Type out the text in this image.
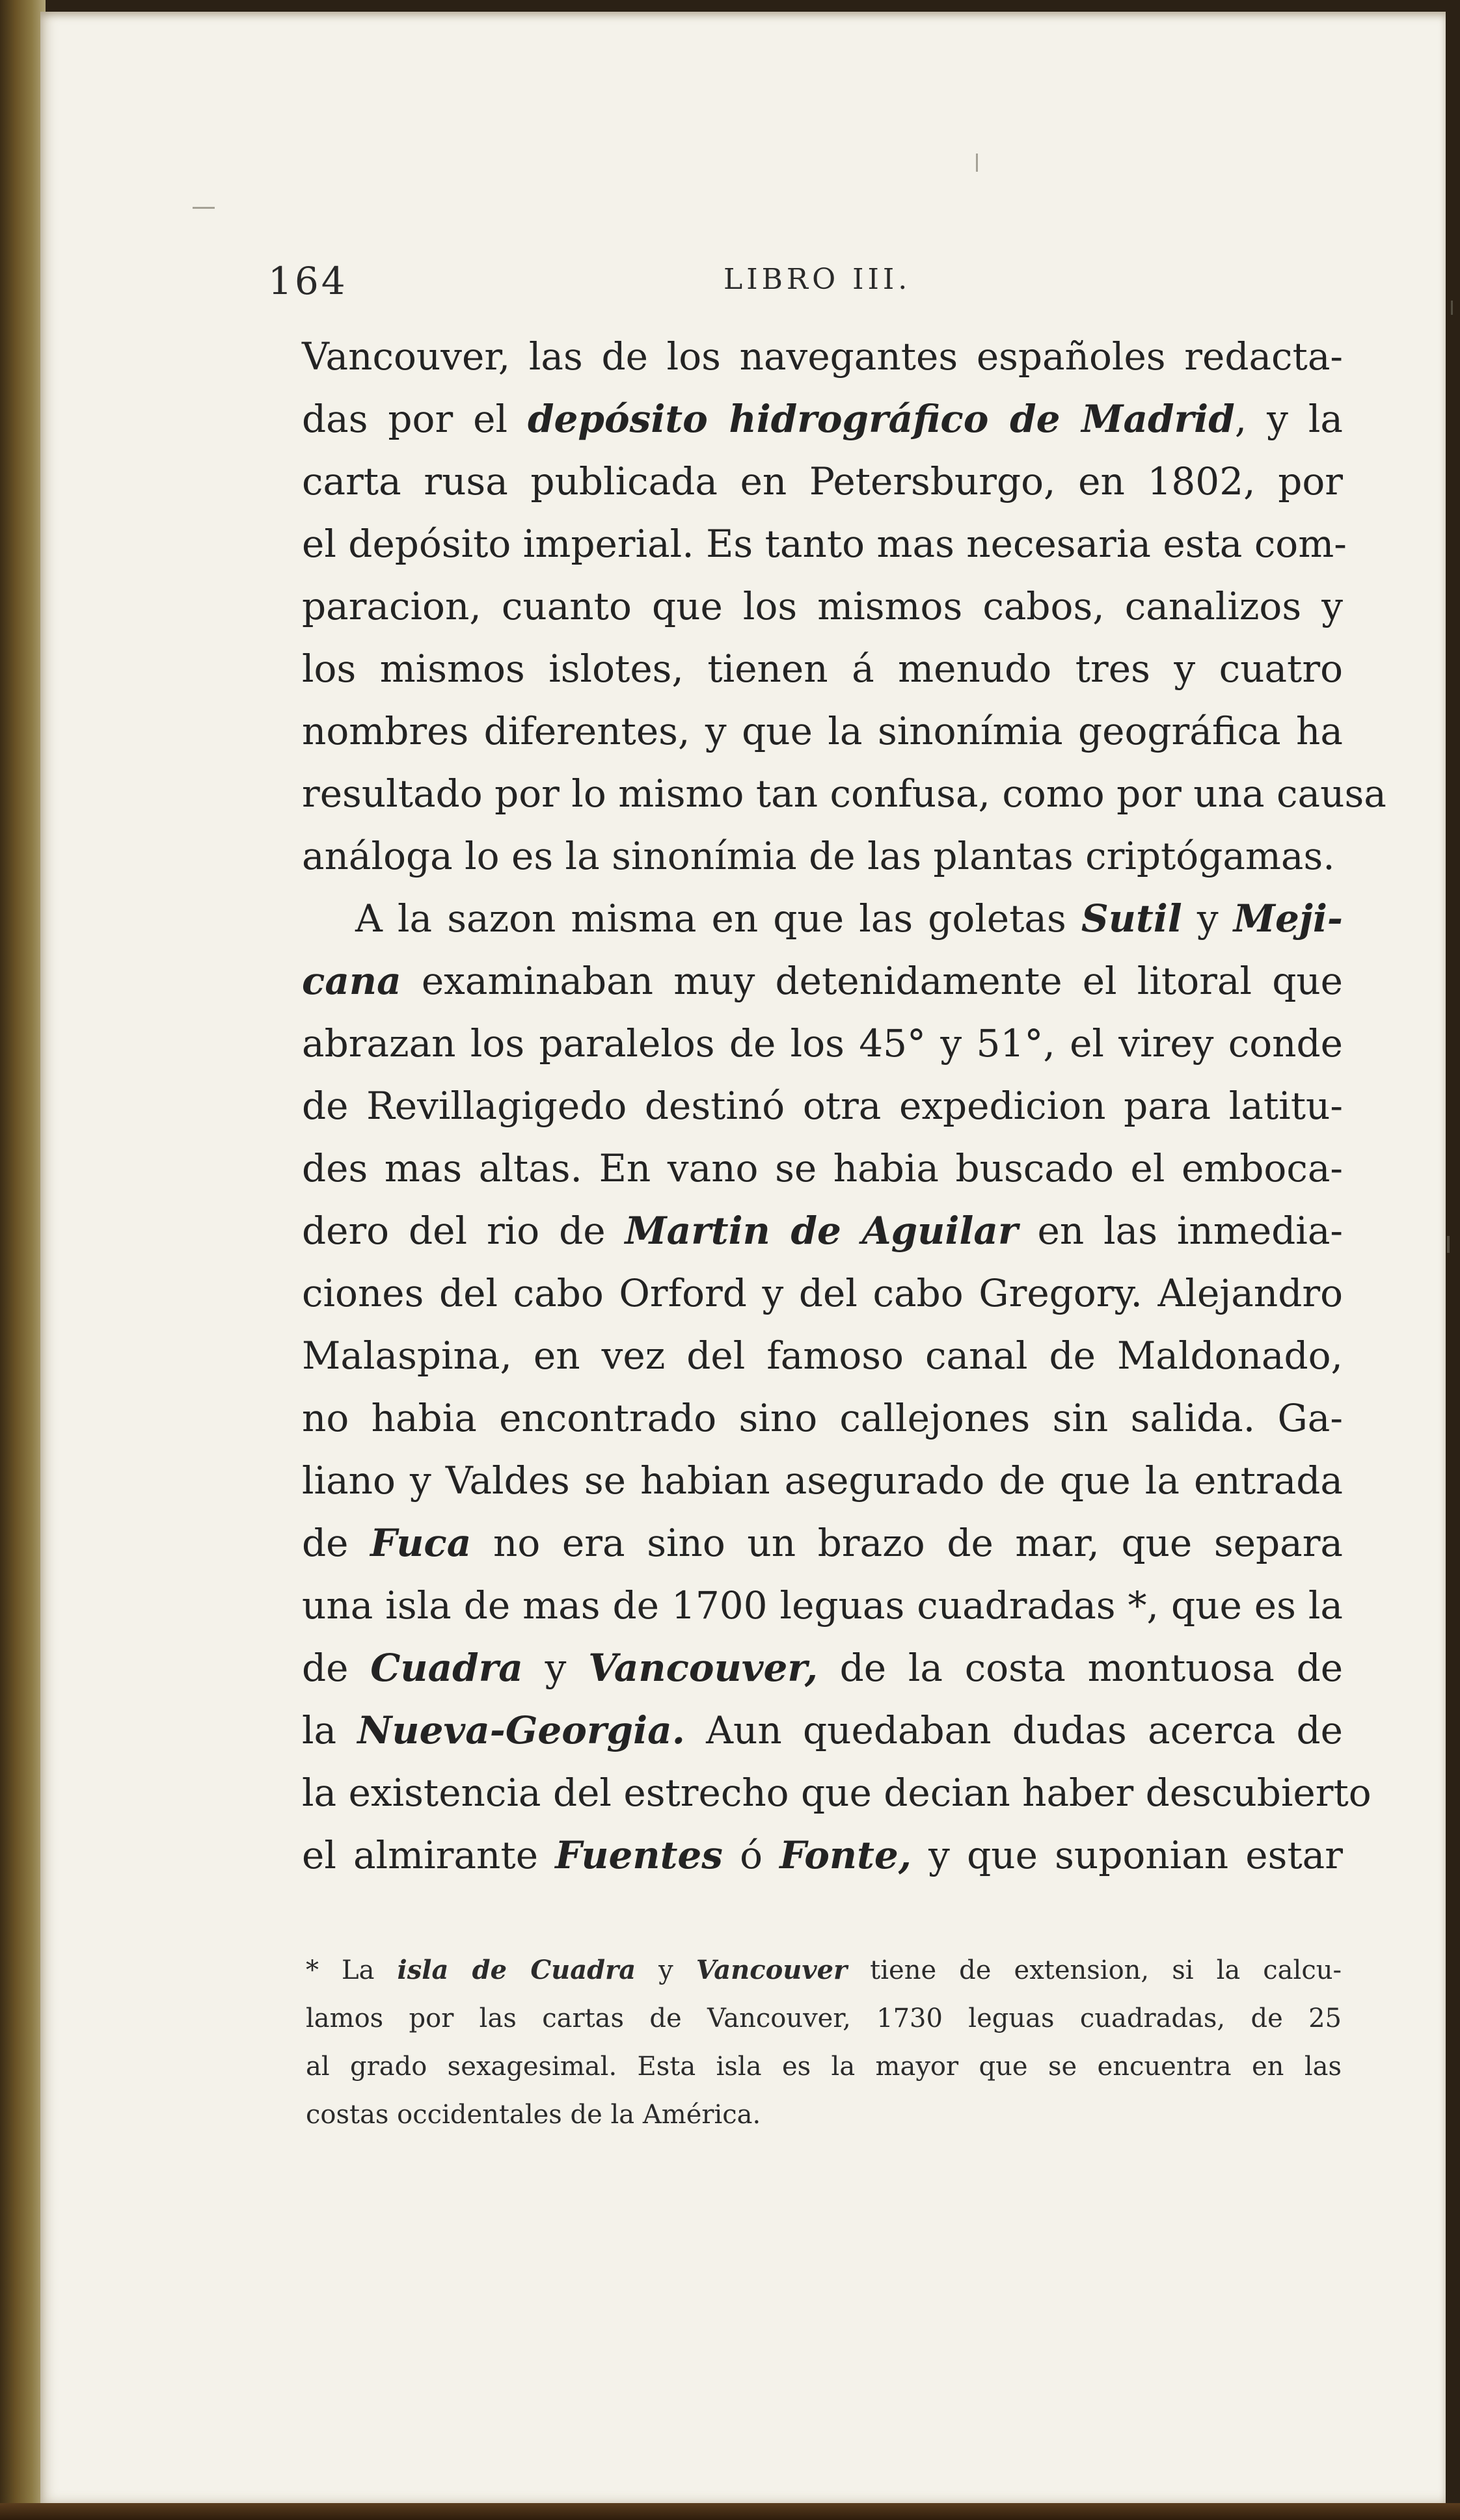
164	LIBRO III.

Vancouver, las de los navegantes españoles redacta-
das por el depósito hidrográfico de Madrid, y la
carta rusa publicada en Petersburgo, en 1802, por
el depósito imperial. Es tanto mas necesaria esta com-
paracion, cuanto que los mismos cabos, canalizos y
los mismos islotes, tienen á menudo tres y cuatro
nombres diferentes, y que la sinonímia geográfica ha
resultado por lo mismo tan confusa, como por una causa
análoga lo es la sinonímia de las plantas criptógamas.
A la sazon misma en que las goletas Sutil y Meji-
cana examinaban muy detenidamente el litoral que
abrazan los paralelos de los 45° y 51°, el virey conde
de Revillagigedo destinó otra expedicion para latitu-
des mas altas. En vano se habia buscado el emboca-
dero del rio de Martin de Aguilar en las inmedia-
ciones del cabo Orford y del cabo Gregory. Alejandro
Malaspina, en vez del famoso canal de Maldonado,
no habia encontrado sino callejones sin salida. Ga-
liano y Valdes se habian asegurado de que la entrada
de Fuca no era sino un brazo de mar, que separa
una isla de mas de 1700 leguas cuadradas *, que es la
de Cuadra y Vancouver, de la costa montuosa de
la Nueva-Georgia. Aun quedaban dudas acerca de
la existencia del estrecho que decian haber descubierto
el almirante Fuentes ó Fonte, y que suponian estar

* La isla de Cuadra y Vancouver tiene de extension, si la calcu-
lamos por las cartas de Vancouver, 1730 leguas cuadradas, de 25
al grado sexagesimal. Esta isla es la mayor que se encuentra en las
costas occidentales de la América.
